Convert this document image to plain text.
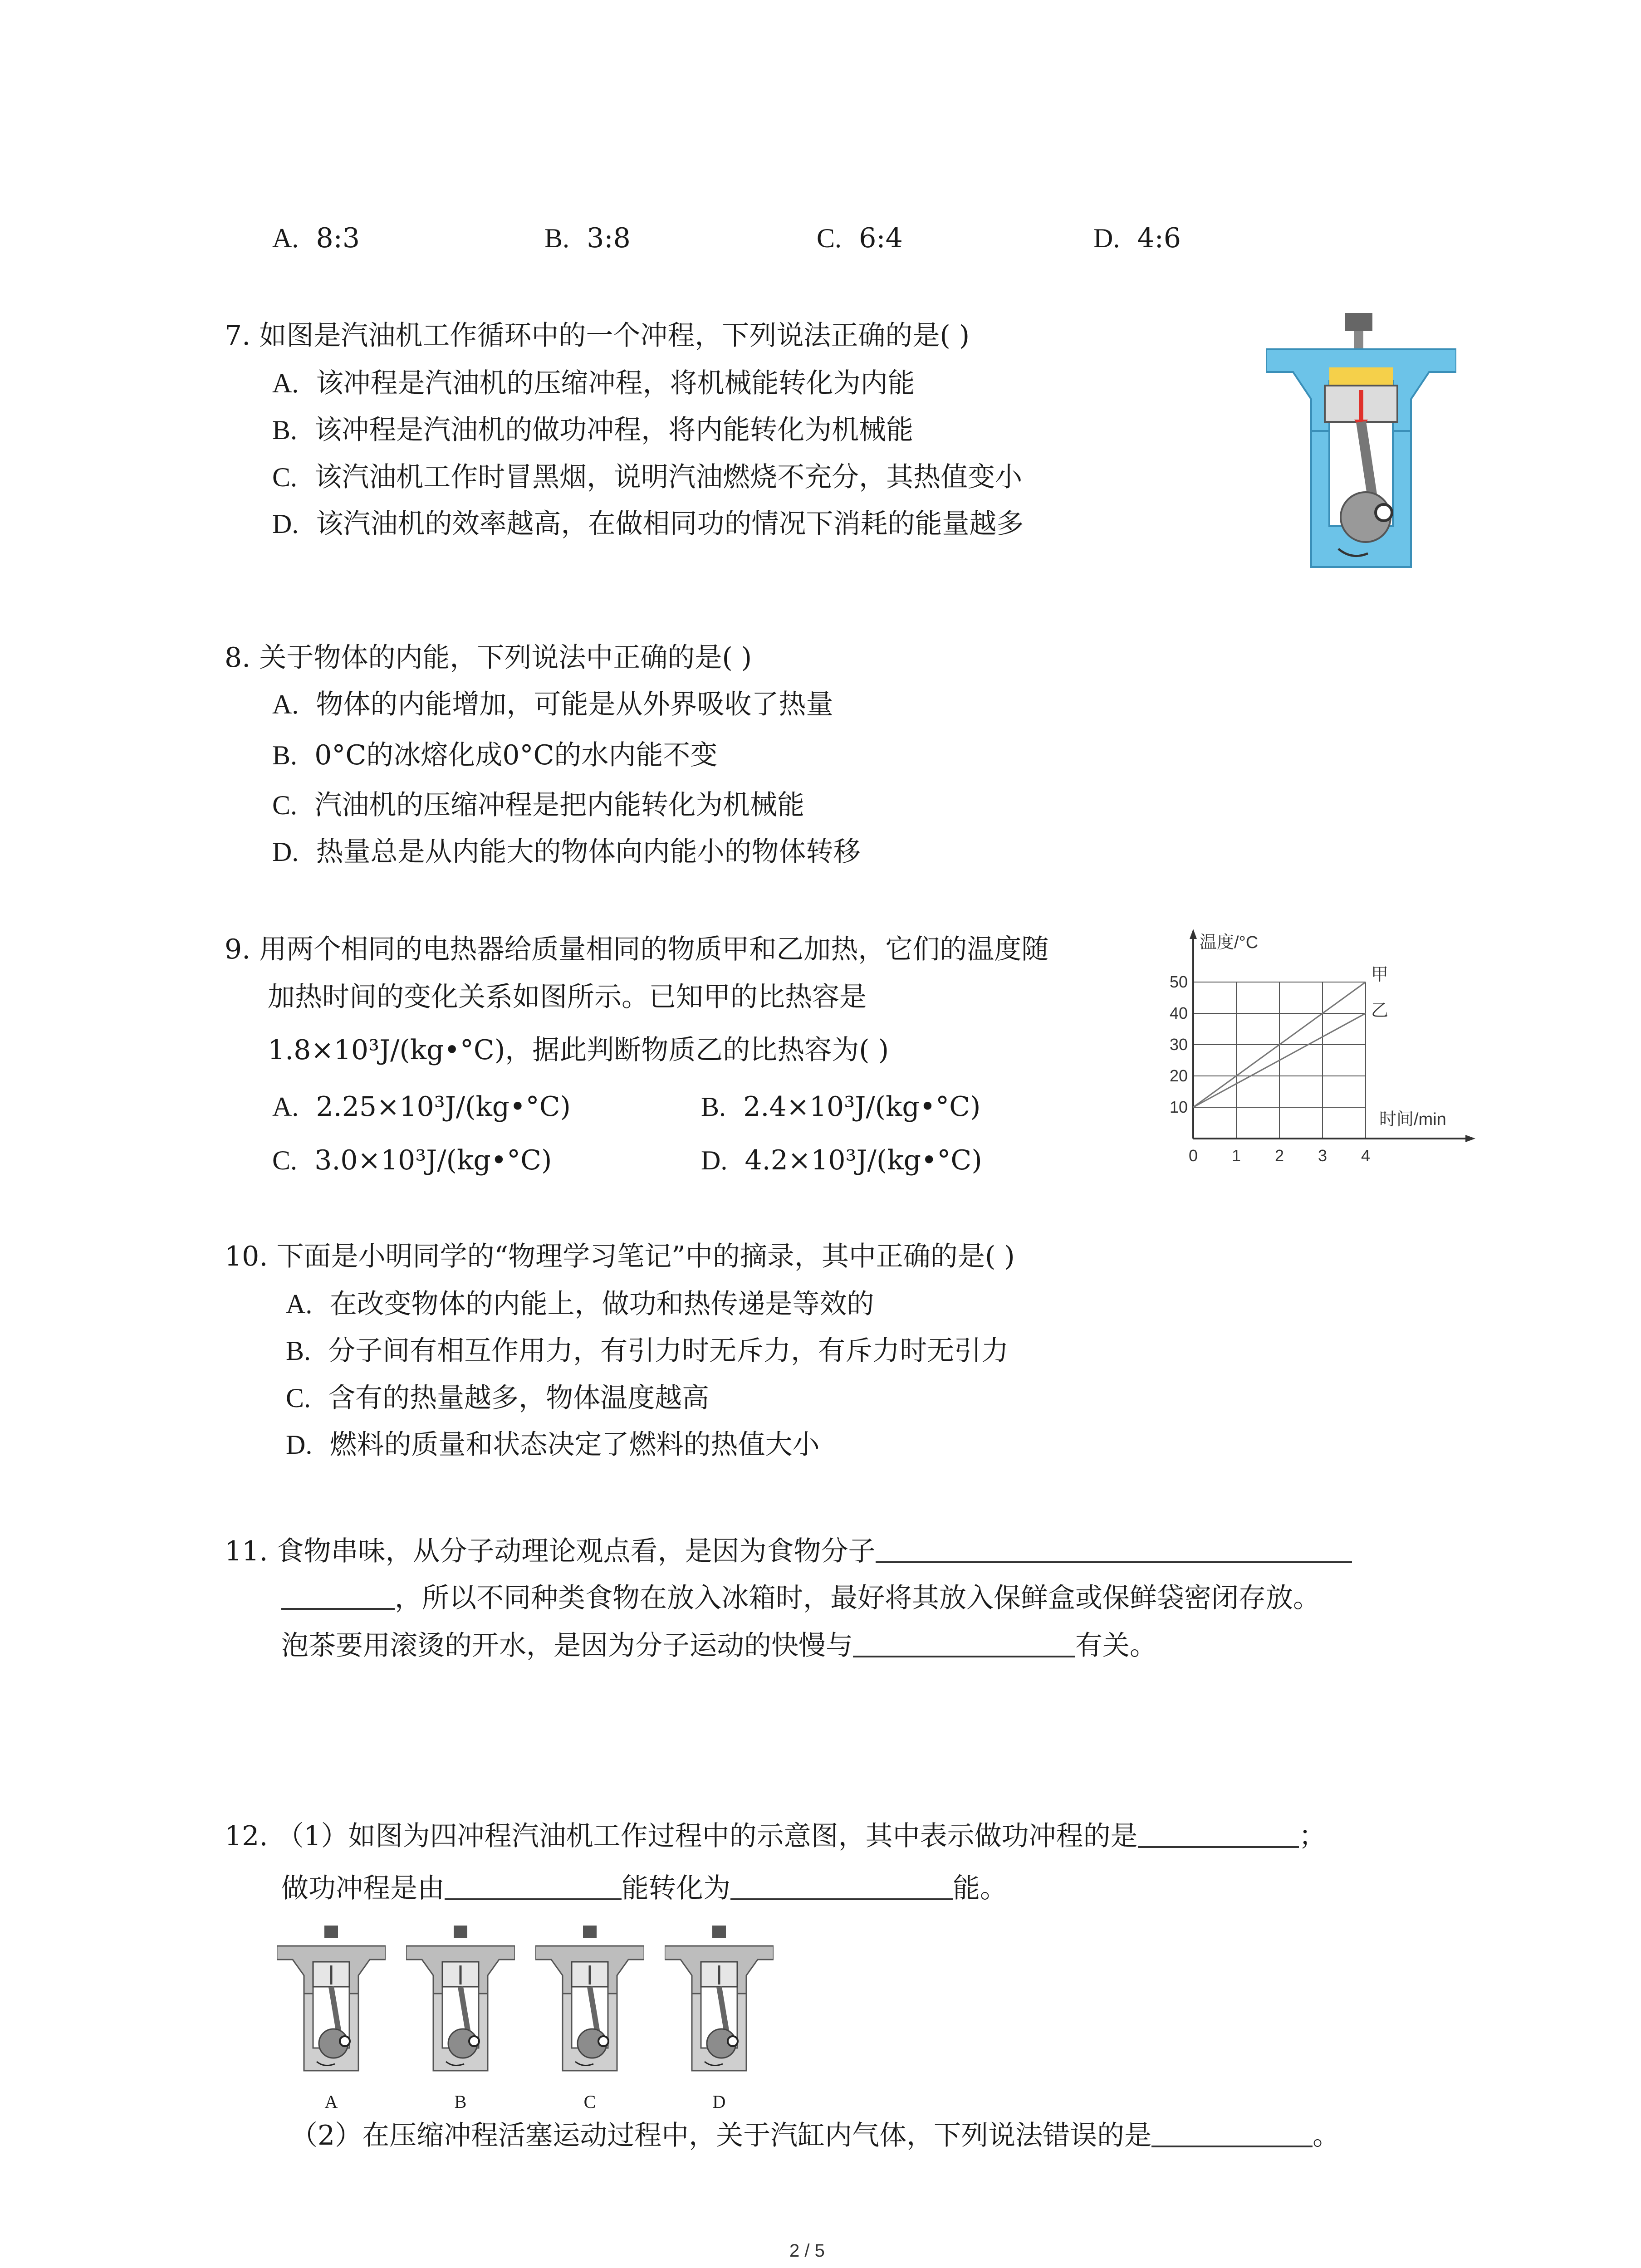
A. 8:3	B. 3:8	C. 6:4	D. 4:6
7. 如图是汽油机工作循环中的一个冲程，下列说法正确的是( )
A. 该冲程是汽油机的压缩冲程，将机械能转化为内能
B. 该冲程是汽油机的做功冲程，将内能转化为机械能
C. 该汽油机工作时冒黑烟，说明汽油燃烧不充分，其热值变小
D. 该汽油机的效率越高，在做相同功的情况下消耗的能量越多
8. 关于物体的内能，下列说法中正确的是( )
A. 物体的内能增加，可能是从外界吸收了热量
B. 0°C的冰熔化成0°C的水内能不变
C. 汽油机的压缩冲程是把内能转化为机械能
D. 热量总是从内能大的物体向内能小的物体转移
9. 用两个相同的电热器给质量相同的物质甲和乙加热，它们的温度随
加热时间的变化关系如图所示。已知甲的比热容是
1.8×10³J/(kg•°C)，据此判断物质乙的比热容为( )
A. 2.25×10³J/(kg•°C)	B. 2.4×10³J/(kg•°C)
C. 3.0×10³J/(kg•°C)	D. 4.2×10³J/(kg•°C)
温度/°C
时间/min
0 1 2 3 4
10
20
30
40
50	甲
乙
10. 下面是小明同学的“物理学习笔记”中的摘录，其中正确的是( )
A. 在改变物体的内能上，做功和热传递是等效的
B. 分子间有相互作用力，有引力时无斥力，有斥力时无引力
C. 含有的热量越多，物体温度越高
D. 燃料的质量和状态决定了燃料的热值大小
11. 食物串味，从分子动理论观点看，是因为食物分子
，所以不同种类食物在放入冰箱时，最好将其放入保鲜盒或保鲜袋密闭存放。
泡茶要用滚烫的开水，是因为分子运动的快慢与	有关。
12. （1）如图为四冲程汽油机工作过程中的示意图，其中表示做功冲程的是	；
做功冲程是由	能转化为	能。
A	B	C	D
（2）在压缩冲程活塞运动过程中，关于汽缸内气体，下列说法错误的是	。
2 / 5
